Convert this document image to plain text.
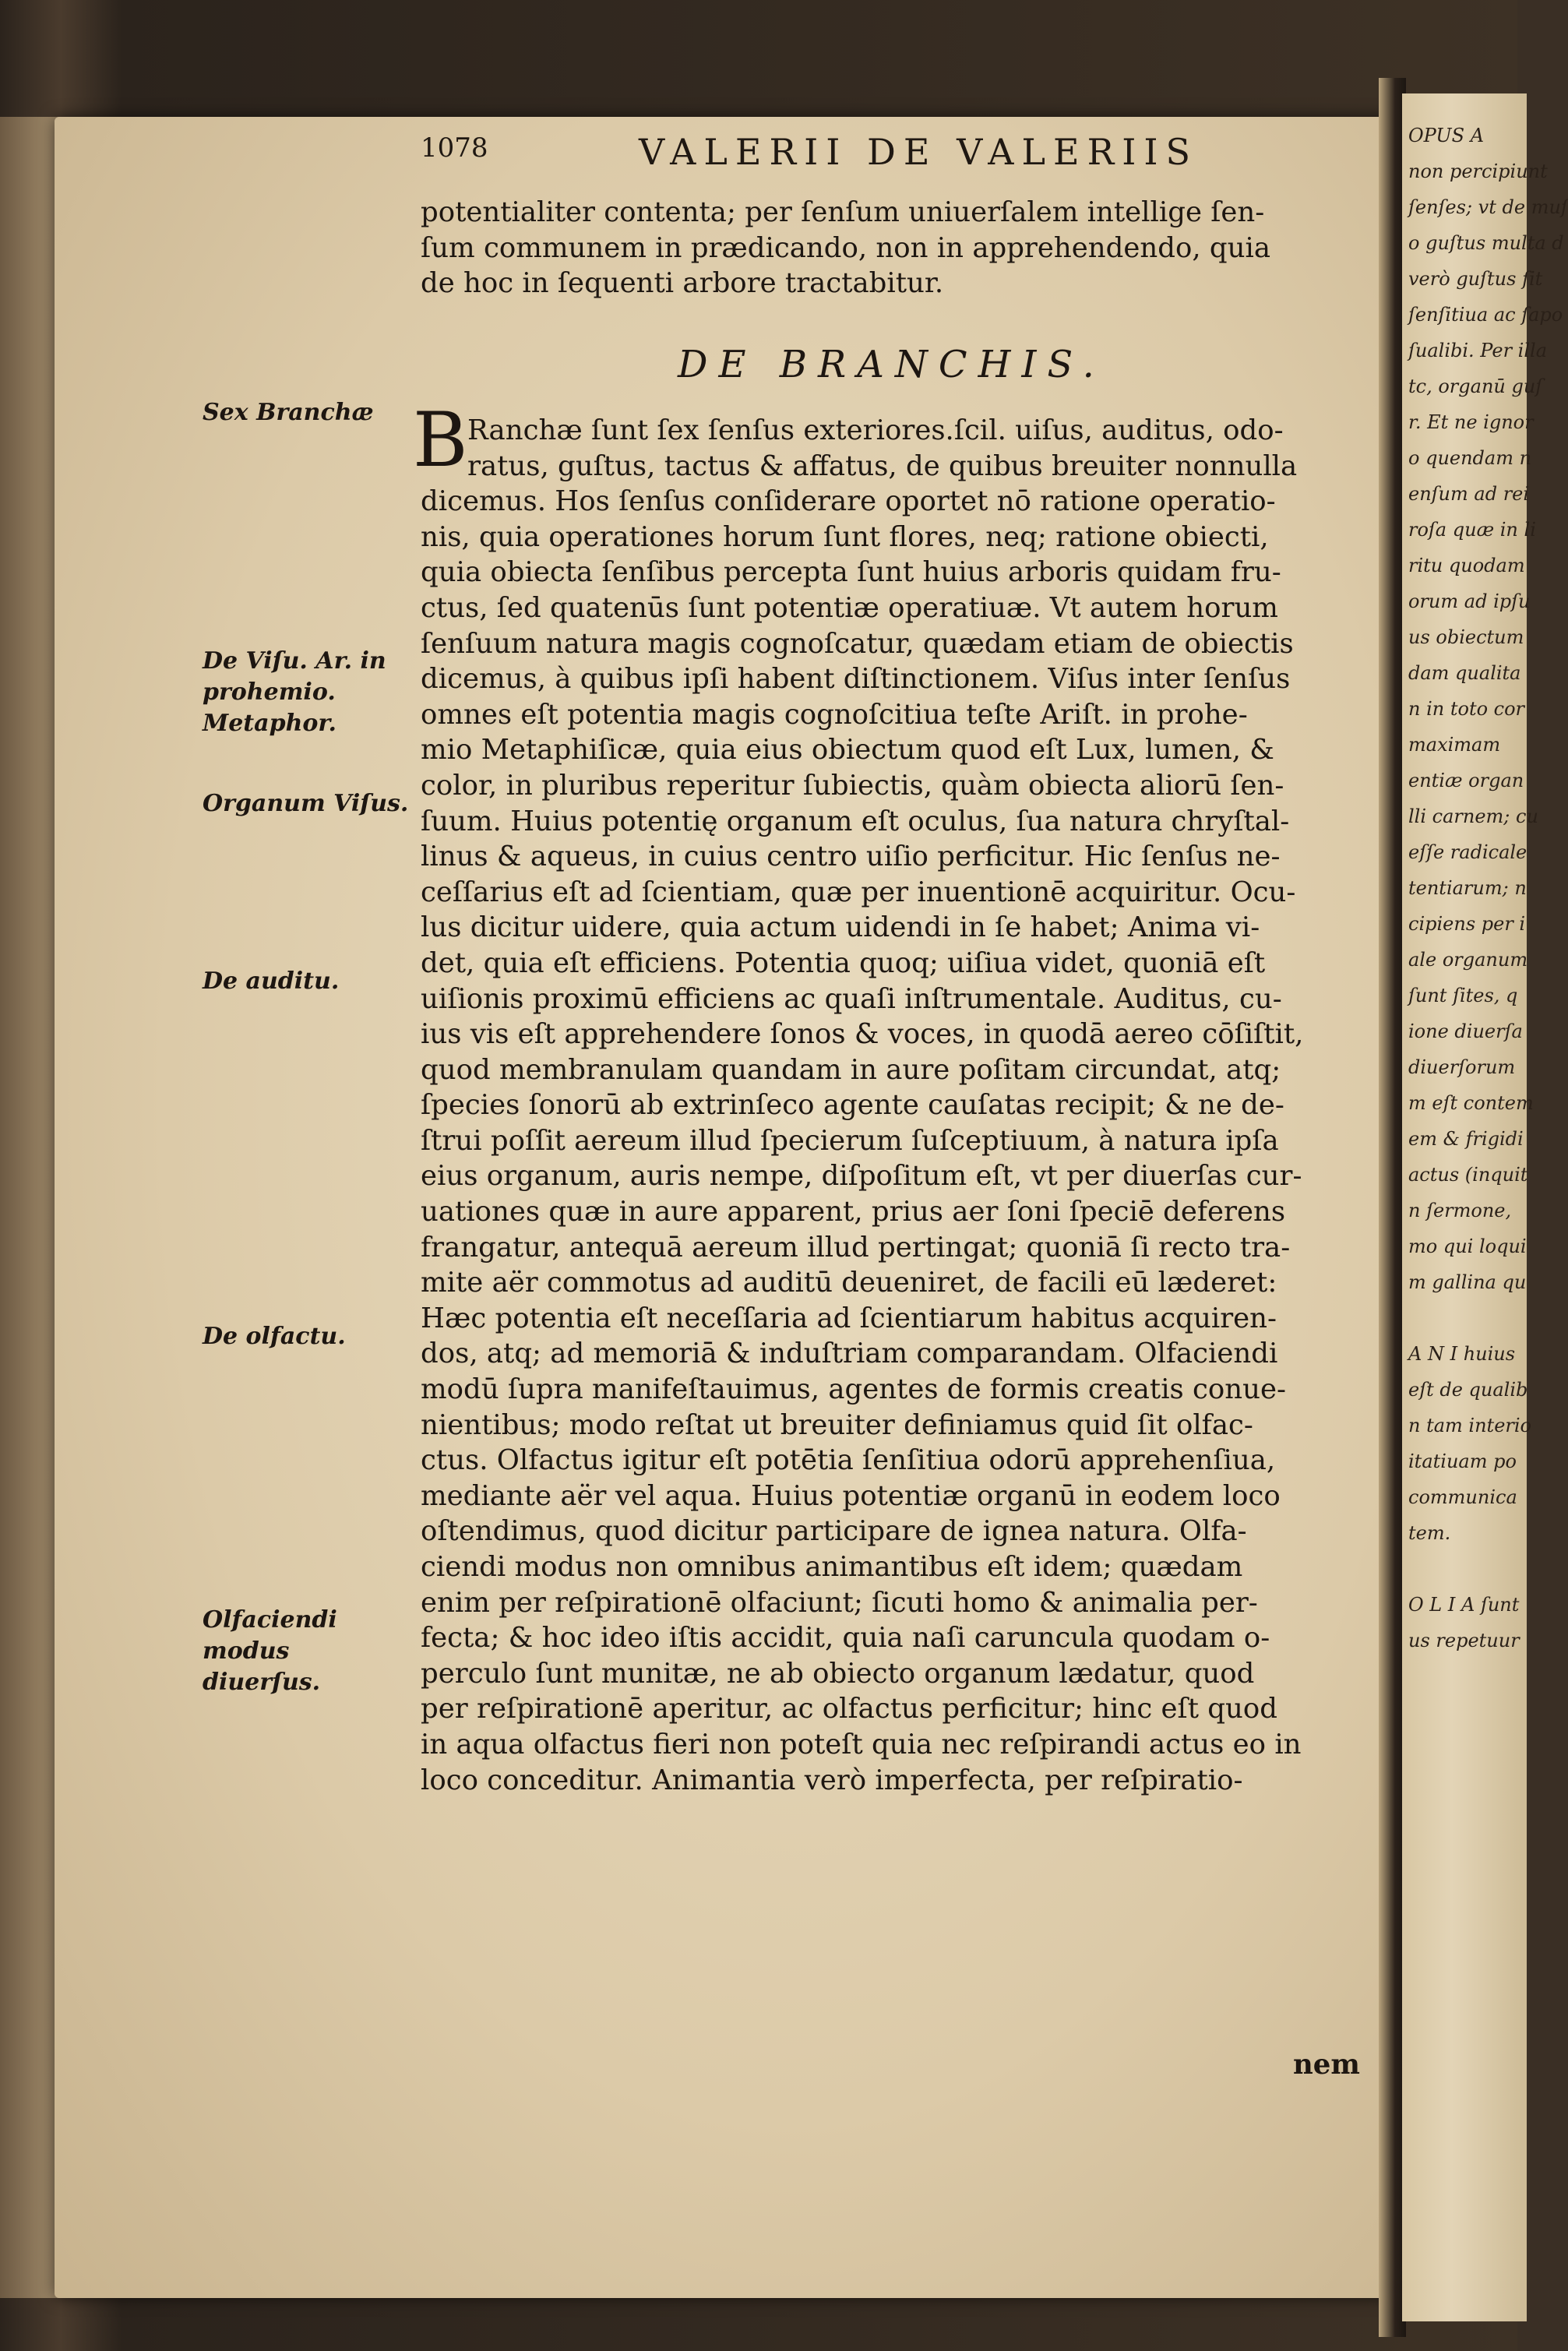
OPUS A
non percipiunt
ſenſes; vt de muſ
o guſtus multa d
verò guſtus ſit
ſenſitiua ac ſapo
ſualibi. Per illa
tc, organū guſ
r. Et ne ignor
o quendam n
enſum ad rei
roſa quæ in li
ritu quodam
orum ad ipſu
us obiectum
dam qualita
n in toto cor
maximam
entiæ organ
lli carnem; cu
eſſe radicale
tentiarum; n
cipiens per i
ale organum
ſunt ſites, q
ione diuerſa
diuerſorum
m eſt contem
em & frigidi
actus (inquit
n ſermone,
mo qui loqui
m gallina qu
A N I huius
eſt de qualib
n tam interio
itatiuam po
communica
tem.
O L I A ſunt
us repetuur
1078	VALERII DE VALERIIS
potentialiter contenta; per ſenſum uniuerſalem intellige ſen-
ſum communem in prædicando, non in apprehendendo, quia
de hoc in ſequenti arbore tractabitur.
DE BRANCHIS.
B Ranchæ ſunt ſex ſenſus exteriores.ſcil. uiſus, auditus, odo-
ratus, guſtus, tactus & affatus, de quibus breuiter nonnulla
dicemus. Hos ſenſus conſiderare oportet nō ratione operatio-
nis, quia operationes horum ſunt flores, neq; ratione obiecti,
quia obiecta ſenſibus percepta ſunt huius arboris quidam fru-
ctus, ſed quatenūs ſunt potentiæ operatiuæ. Vt autem horum
ſenſuum natura magis cognoſcatur, quædam etiam de obiectis
dicemus, à quibus ipſi habent diſtinctionem. Viſus inter ſenſus
omnes eſt potentia magis cognoſcitiua teſte Ariſt. in prohe-
mio Metaphiſicæ, quia eius obiectum quod eſt Lux, lumen, &
color, in pluribus reperitur ſubiectis, quàm obiecta aliorū ſen-
ſuum. Huius potentię organum eſt oculus, ſua natura chryſtal-
linus & aqueus, in cuius centro uiſio perficitur. Hic ſenſus ne-
ceſſarius eſt ad ſcientiam, quæ per inuentionē acquiritur. Ocu-
lus dicitur uidere, quia actum uidendi in ſe habet; Anima vi-
det, quia eſt efficiens. Potentia quoq; uiſiua videt, quoniā eſt
uiſionis proximū efficiens ac quaſi inſtrumentale. Auditus, cu-
ius vis eſt apprehendere ſonos & voces, in quodā aereo cōſiſtit,
quod membranulam quandam in aure poſitam circundat, atq;
ſpecies ſonorū ab extrinſeco agente cauſatas recipit; & ne de-
ſtrui poſſit aereum illud ſpecierum ſuſceptiuum, à natura ipſa
eius organum, auris nempe, diſpoſitum eſt, vt per diuerſas cur-
uationes quæ in aure apparent, prius aer ſoni ſpeciē deferens
frangatur, antequā aereum illud pertingat; quoniā ſi recto tra-
mite aër commotus ad auditū deueniret, de facili eū læderet:
Hæc potentia eſt neceſſaria ad ſcientiarum habitus acquiren-
dos, atq; ad memoriā & induſtriam comparandam. Olfaciendi
modū ſupra manifeſtauimus, agentes de formis creatis conue-
nientibus; modo reſtat ut breuiter definiamus quid ſit olfac-
ctus. Olfactus igitur eſt potētia ſenſitiua odorū apprehenſiua,
mediante aër vel aqua. Huius potentiæ organū in eodem loco
oſtendimus, quod dicitur participare de ignea natura. Olfa-
ciendi modus non omnibus animantibus eſt idem; quædam
enim per reſpirationē olfaciunt; ſicuti homo & animalia per-
fecta; & hoc ideo iſtis accidit, quia naſi caruncula quodam o-
perculo ſunt munitæ, ne ab obiecto organum lædatur, quod
per reſpirationē aperitur, ac olfactus perficitur; hinc eſt quod
in aqua olfactus fieri non poteſt quia nec reſpirandi actus eo in
loco conceditur. Animantia verò imperfecta, per reſpiratio-
Sex Branchæ
De Viſu. Ar. in prohemio. Metaphor.
Organum Viſus.
De auditu.
De olfactu.
Olfaciendi modus diuerſus.
nem
